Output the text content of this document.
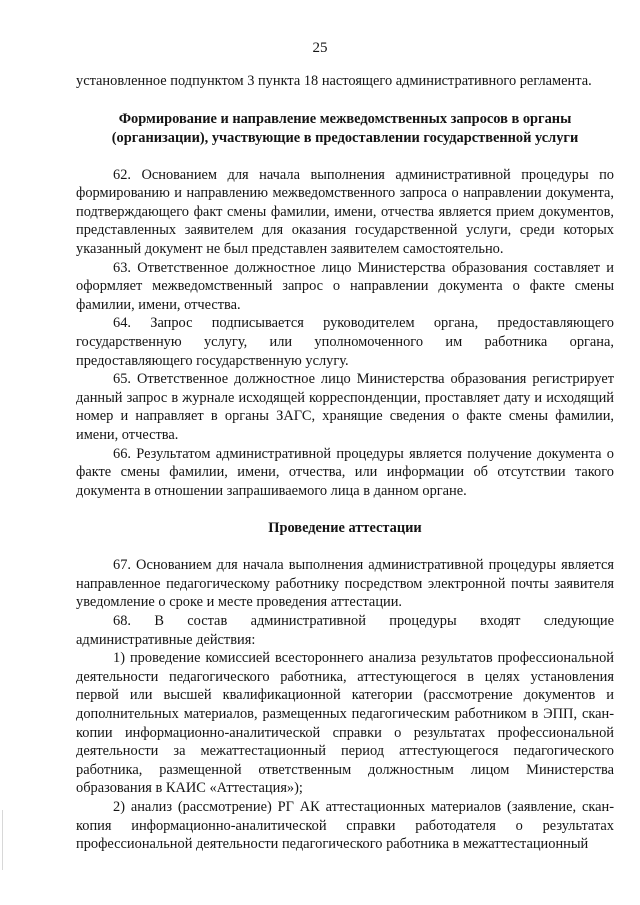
25

установленное подпунктом 3 пункта 18 настоящего административного регламента.

Формирование и направление межведомственных запросов в органы (организации), участвующие в предоставлении государственной услуги

62. Основанием для начала выполнения административной процедуры по формированию и направлению межведомственного запроса о направлении документа, подтверждающего факт смены фамилии, имени, отчества является прием документов, представленных заявителем для оказания государственной услуги, среди которых указанный документ не был представлен заявителем самостоятельно.

63. Ответственное должностное лицо Министерства образования составляет и оформляет межведомственный запрос о направлении документа о факте смены фамилии, имени, отчества.

64. Запрос подписывается руководителем органа, предоставляющего государственную услугу, или уполномоченного им работника органа, предоставляющего государственную услугу.

65. Ответственное должностное лицо Министерства образования регистрирует данный запрос в журнале исходящей корреспонденции, проставляет дату и исходящий номер и направляет в органы ЗАГС, хранящие сведения о факте смены фамилии, имени, отчества.

66. Результатом административной процедуры является получение документа о факте смены фамилии, имени, отчества, или информации об отсутствии такого документа в отношении запрашиваемого лица в данном органе.

Проведение аттестации

67. Основанием для начала выполнения административной процедуры является направленное педагогическому работнику посредством электронной почты заявителя уведомление о сроке и месте проведения аттестации.

68. В состав административной процедуры входят следующие административные действия:

1) проведение комиссией всестороннего анализа результатов профессиональной деятельности педагогического работника, аттестующегося в целях установления первой или высшей квалификационной категории (рассмотрение документов и дополнительных материалов, размещенных педагогическим работником в ЭПП, скан-копии информационно-аналитической справки о результатах профессиональной деятельности за межаттестационный период аттестующегося педагогического работника, размещенной ответственным должностным лицом Министерства образования в КАИС «Аттестация»);

2) анализ (рассмотрение) РГ АК аттестационных материалов (заявление, скан-копия информационно-аналитической справки работодателя о результатах профессиональной деятельности педагогического работника в межаттестационный
